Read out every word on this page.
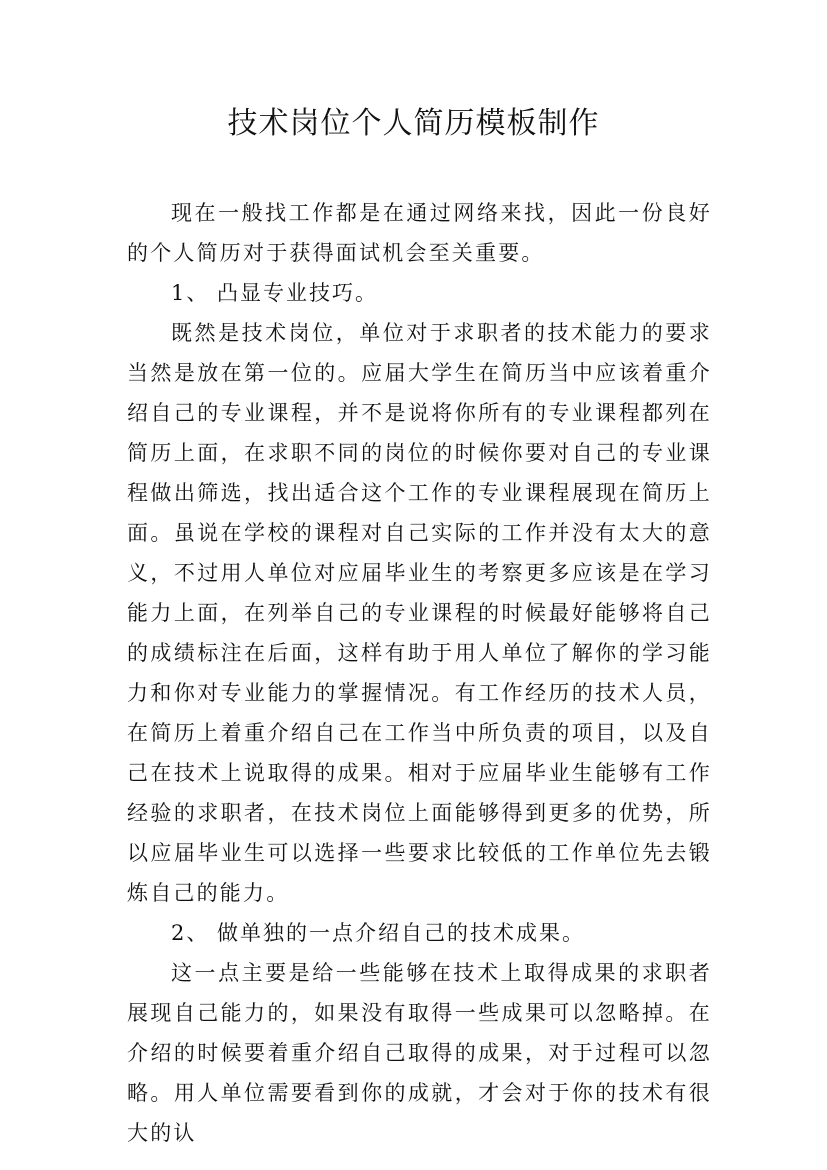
技术岗位个人简历模板制作

现在一般找工作都是在通过网络来找，因此一份良好的个人简历对于获得面试机会至关重要。

1、 凸显专业技巧。

既然是技术岗位，单位对于求职者的技术能力的要求当然是放在第一位的。应届大学生在简历当中应该着重介绍自己的专业课程，并不是说将你所有的专业课程都列在简历上面，在求职不同的岗位的时候你要对自己的专业课程做出筛选，找出适合这个工作的专业课程展现在简历上面。虽说在学校的课程对自己实际的工作并没有太大的意义，不过用人单位对应届毕业生的考察更多应该是在学习能力上面，在列举自己的专业课程的时候最好能够将自己的成绩标注在后面，这样有助于用人单位了解你的学习能力和你对专业能力的掌握情况。有工作经历的技术人员，在简历上着重介绍自己在工作当中所负责的项目，以及自己在技术上说取得的成果。相对于应届毕业生能够有工作经验的求职者，在技术岗位上面能够得到更多的优势，所以应届毕业生可以选择一些要求比较低的工作单位先去锻炼自己的能力。

2、 做单独的一点介绍自己的技术成果。

这一点主要是给一些能够在技术上取得成果的求职者展现自己能力的，如果没有取得一些成果可以忽略掉。在介绍的时候要着重介绍自己取得的成果，对于过程可以忽略。用人单位需要看到你的成就，才会对于你的技术有很大的认
